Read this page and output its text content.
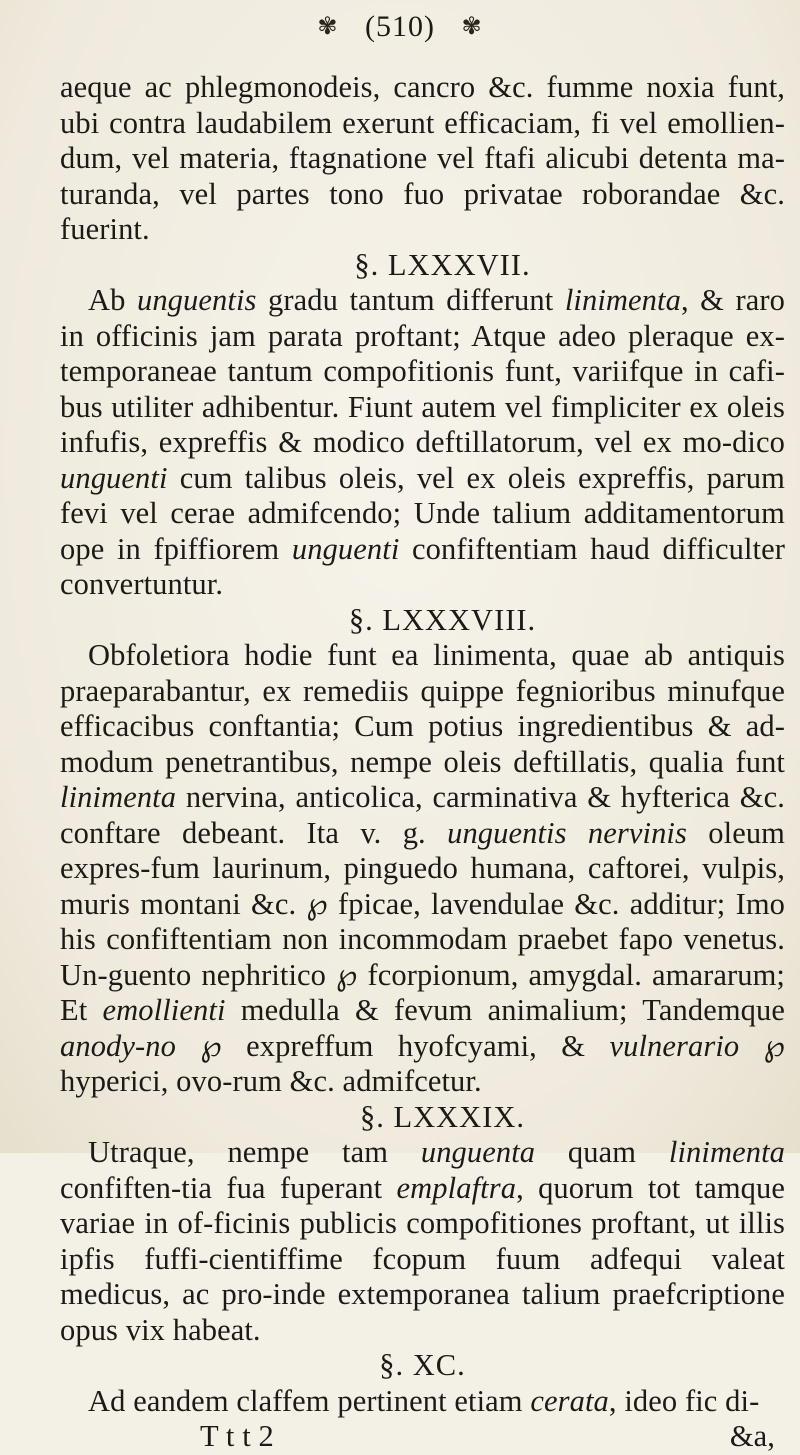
✾ (510) ✾

aeque ac phlegmonodeis, cancro &c. fumme noxia funt, ubi contra laudabilem exerunt efficaciam, fi vel emollien- dum, vel materia, ftagnatione vel ftafi alicubi detenta ma- turanda, vel partes tono fuo privatae roborandae &c. fuerint.

§. LXXXVII.

Ab unguentis gradu tantum differunt linimenta, & raro in officinis jam parata proftant; Atque adeo pleraque ex-temporaneae tantum compofitionis funt, variifque in cafi-bus utiliter adhibentur. Fiunt autem vel fimpliciter ex oleis infufis, expreffis & modico deftillatorum, vel ex mo-dico unguenti cum talibus oleis, vel ex oleis expreffis, parum fevi vel cerae admifcendo; Unde talium additamentorum ope in fpiffiorem unguenti confiftentiam haud difficulter convertuntur.

§. LXXXVIII.

Obfoletiora hodie funt ea linimenta, quae ab antiquis praeparabantur, ex remediis quippe fegnioribus minufque efficacibus conftantia; Cum potius ingredientibus & ad-modum penetrantibus, nempe oleis deftillatis, qualia funt linimenta nervina, anticolica, carminativa & hyfterica &c. conftare debeant. Ita v. g. unguentis nervinis oleum expres-fum laurinum, pinguedo humana, caftorei, vulpis, muris montani &c. ℘ fpicae, lavendulae &c. additur; Imo his confiftentiam non incommodam praebet fapo venetus. Un-guento nephritico ℘ fcorpionum, amygdal. amararum; Et emollienti medulla & fevum animalium; Tandemque anody-no ℘ expreffum hyofcyami, & vulnerario ℘ hyperici, ovo-rum &c. admifcetur.

§. LXXXIX.

Utraque, nempe tam unguenta quam linimenta confiften-tia fua fuperant emplaftra, quorum tot tamque variae in of-ficinis publicis compofitiones proftant, ut illis ipfis fuffi-cientiffime fcopum fuum adfequi valeat medicus, ac pro-inde extemporanea talium praefcriptione opus vix habeat.

§. XC.

Ad eandem claffem pertinent etiam cerata, ideo fic di-

T t t 2	&a,
